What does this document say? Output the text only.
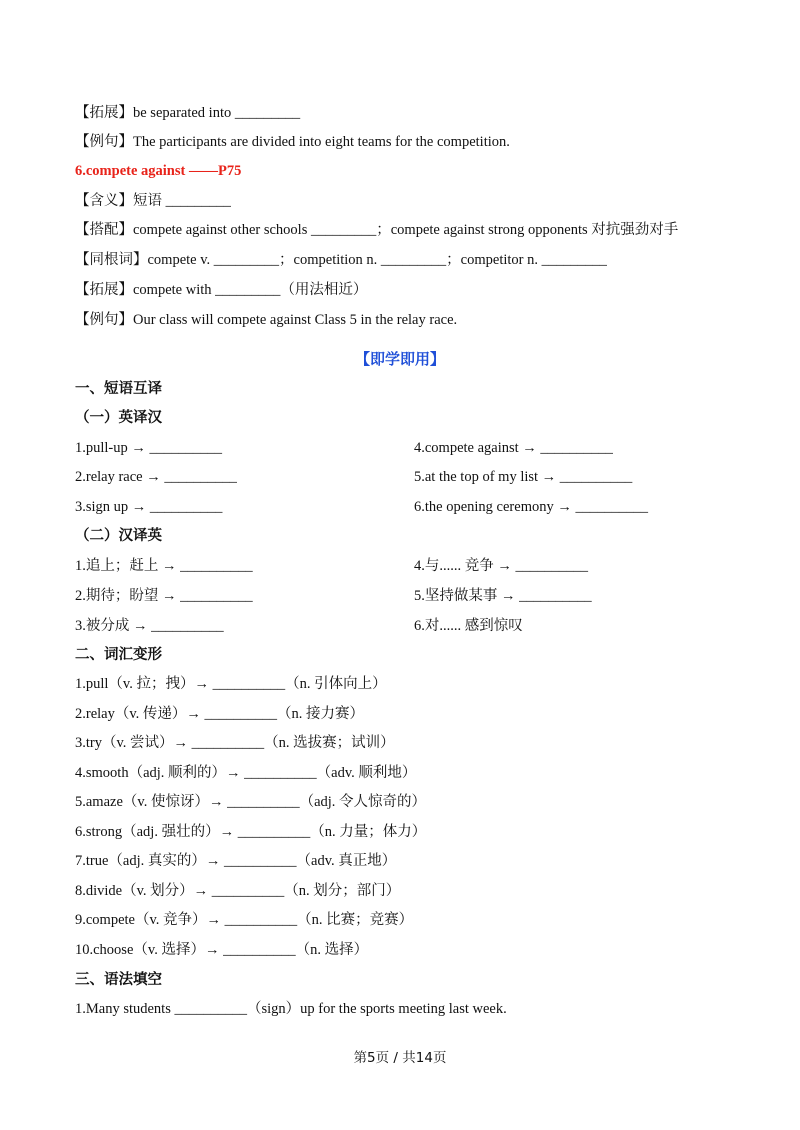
【拓展】be separated into _________
【例句】The participants are divided into eight teams for the competition.
6.compete against ——P75
【含义】短语 _________
【搭配】compete against other schools _________；compete against strong opponents 对抗强劲对手
【同根词】compete v. _________；competition n. _________；competitor n. _________
【拓展】compete with _________（用法相近）
【例句】Our class will compete against Class 5 in the relay race.
【即学即用】
一、短语互译
（一）英译汉
1.pull-up → __________	4.compete against → __________
2.relay race → __________	5.at the top of my list → __________
3.sign up → __________	6.the opening ceremony → __________
（二）汉译英
1.追上；赶上 → __________	4.与...... 竞争 → __________
2.期待；盼望 → __________	5.坚持做某事 → __________
3.被分成 → __________	6.对...... 感到惊叹
二、词汇变形
1.pull（v. 拉；拽）→ __________（n. 引体向上）
2.relay（v. 传递）→ __________（n. 接力赛）
3.try（v. 尝试）→ __________（n. 选拔赛；试训）
4.smooth（adj. 顺利的）→ __________（adv. 顺利地）
5.amaze（v. 使惊讶）→ __________（adj. 令人惊奇的）
6.strong（adj. 强壮的）→ __________（n. 力量；体力）
7.true（adj. 真实的）→ __________（adv. 真正地）
8.divide（v. 划分）→ __________（n. 划分；部门）
9.compete（v. 竞争）→ __________（n. 比赛；竞赛）
10.choose（v. 选择）→ __________（n. 选择）
三、语法填空
1.Many students __________（sign）up for the sports meeting last week.
第5页 / 共14页
